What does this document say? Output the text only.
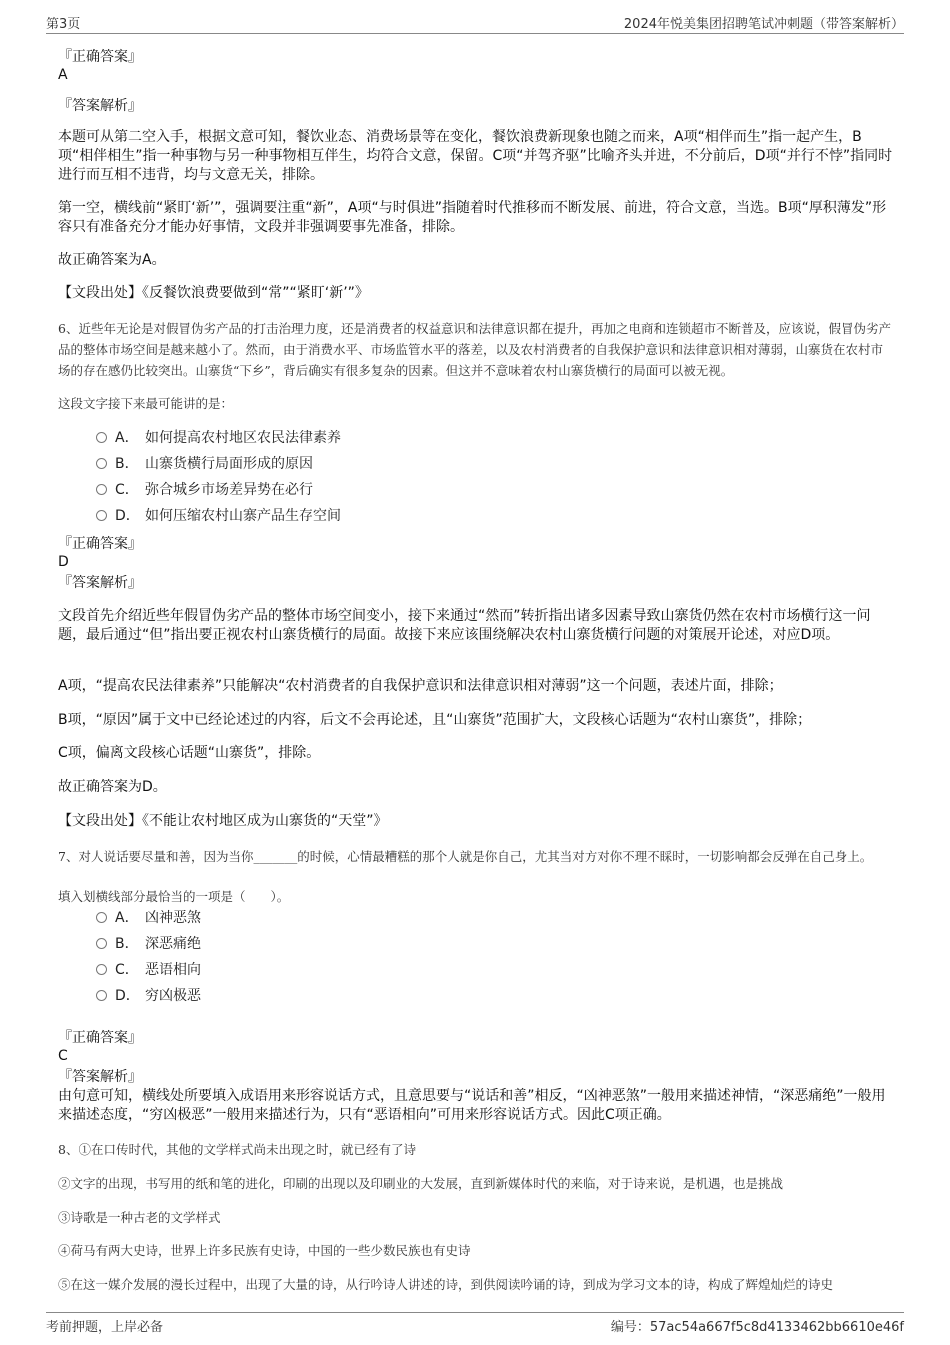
第3页	2024年悦美集团招聘笔试冲刺题（带答案解析）
『正确答案』
A
『答案解析』
本题可从第二空入手，根据文意可知，餐饮业态、消费场景等在变化，餐饮浪费新现象也随之而来，A项“相伴而生”指一起产生，B项“相伴相生”指一种事物与另一种事物相互伴生，均符合文意，保留。C项“并驾齐驱”比喻齐头并进，不分前后，D项“并行不悖”指同时进行而互相不违背，均与文意无关，排除。
第一空，横线前“紧盯‘新’”，强调要注重“新”，A项“与时俱进”指随着时代推移而不断发展、前进，符合文意，当选。B项“厚积薄发”形容只有准备充分才能办好事情，文段并非强调要事先准备，排除。
故正确答案为A。
【文段出处】《反餐饮浪费要做到“常”“紧盯‘新’”》
6、近些年无论是对假冒伪劣产品的打击治理力度，还是消费者的权益意识和法律意识都在提升，再加之电商和连锁超市不断普及，应该说，假冒伪劣产品的整体市场空间是越来越小了。然而，由于消费水平、市场监管水平的落差，以及农村消费者的自我保护意识和法律意识相对薄弱，山寨货在农村市场的存在感仍比较突出。山寨货“下乡”，背后确实有很多复杂的因素。但这并不意味着农村山寨货横行的局面可以被无视。
这段文字接下来最可能讲的是：
A． 如何提高农村地区农民法律素养
B． 山寨货横行局面形成的原因
C． 弥合城乡市场差异势在必行
D． 如何压缩农村山寨产品生存空间
『正确答案』
D
『答案解析』
文段首先介绍近些年假冒伪劣产品的整体市场空间变小，接下来通过“然而”转折指出诸多因素导致山寨货仍然在农村市场横行这一问题，最后通过“但”指出要正视农村山寨货横行的局面。故接下来应该围绕解决农村山寨货横行问题的对策展开论述，对应D项。
A项，“提高农民法律素养”只能解决“农村消费者的自我保护意识和法律意识相对薄弱”这一个问题，表述片面，排除；
B项，“原因”属于文中已经论述过的内容，后文不会再论述，且“山寨货”范围扩大，文段核心话题为“农村山寨货”，排除；
C项，偏离文段核心话题“山寨货”，排除。
故正确答案为D。
【文段出处】《不能让农村地区成为山寨货的“天堂”》
7、对人说话要尽量和善，因为当你_______的时候，心情最糟糕的那个人就是你自己，尤其当对方对你不理不睬时，一切影响都会反弹在自己身上。
填入划横线部分最恰当的一项是（　　）。
A． 凶神恶煞
B． 深恶痛绝
C． 恶语相向
D． 穷凶极恶
『正确答案』
C
『答案解析』
由句意可知，横线处所要填入成语用来形容说话方式，且意思要与“说话和善”相反，“凶神恶煞”一般用来描述神情，“深恶痛绝”一般用来描述态度，“穷凶极恶”一般用来描述行为，只有“恶语相向”可用来形容说话方式。因此C项正确。
8、①在口传时代，其他的文学样式尚未出现之时，就已经有了诗
②文字的出现，书写用的纸和笔的进化，印刷的出现以及印刷业的大发展，直到新媒体时代的来临，对于诗来说，是机遇，也是挑战
③诗歌是一种古老的文学样式
④荷马有两大史诗，世界上许多民族有史诗，中国的一些少数民族也有史诗
⑤在这一媒介发展的漫长过程中，出现了大量的诗，从行吟诗人讲述的诗，到供阅读吟诵的诗，到成为学习文本的诗，构成了辉煌灿烂的诗史
考前押题，上岸必备	编号：57ac54a667f5c8d4133462bb6610e46f
